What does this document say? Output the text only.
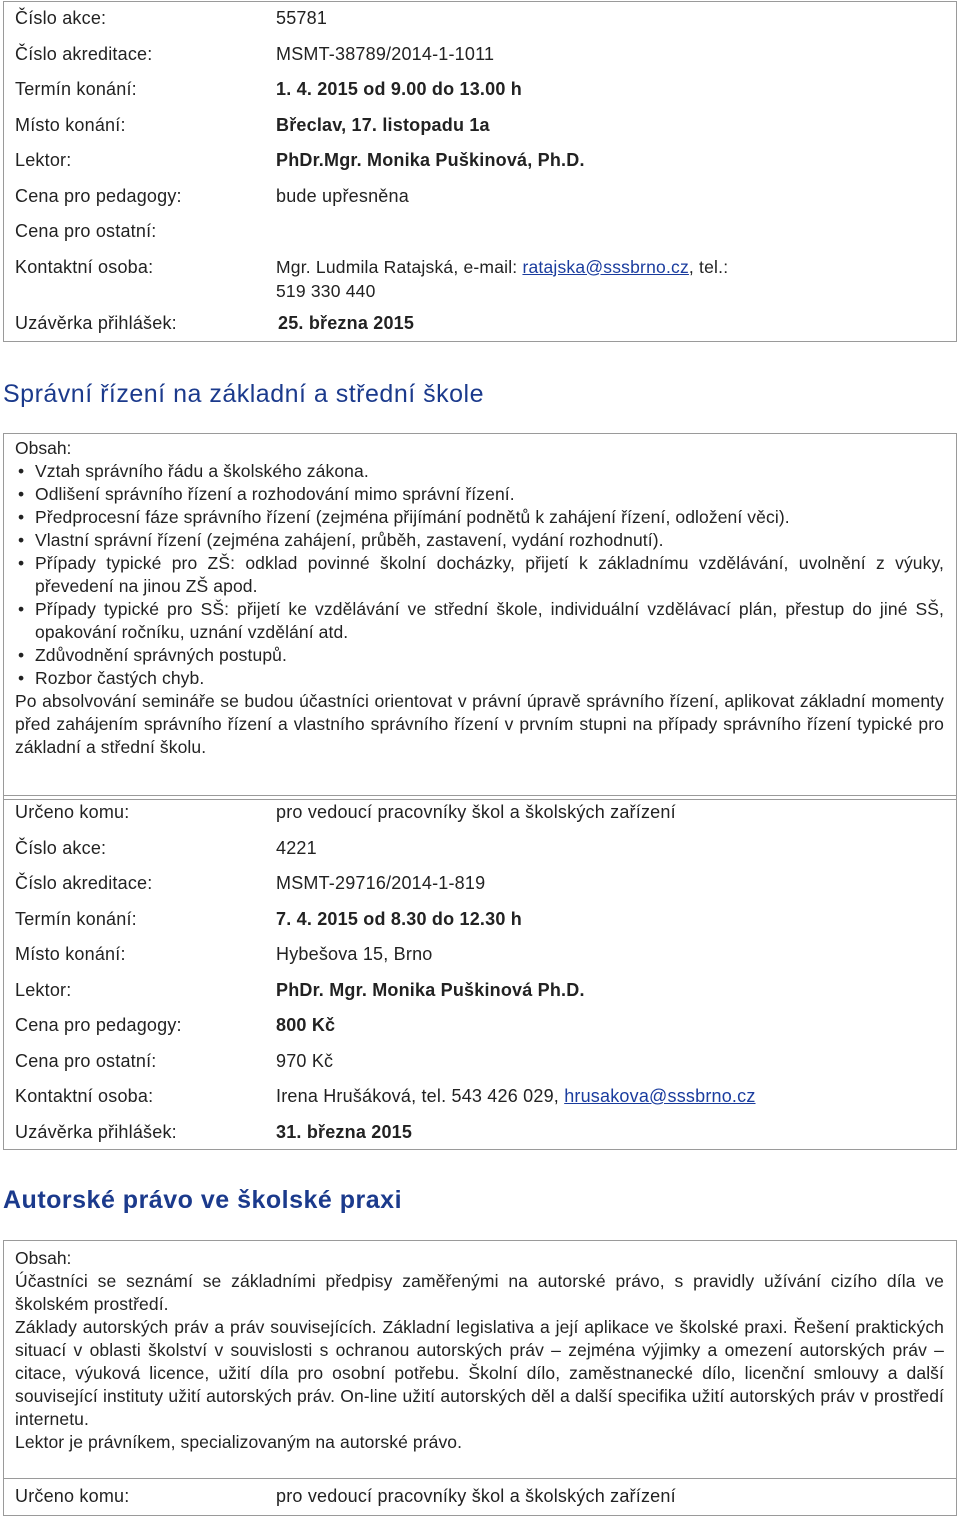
Číslo akce:	55781
Číslo akreditace:	MSMT-38789/2014-1-1011
Termín konání:	1. 4. 2015 od 9.00 do 13.00 h
Místo konání:	Břeclav, 17. listopadu 1a
Lektor:	PhDr.Mgr. Monika Puškinová, Ph.D.
Cena pro pedagogy:	bude upřesněna
Cena pro ostatní:
Kontaktní osoba:	Mgr. Ludmila Ratajská, e-mail: ratajska@sssbrno.cz, tel.:
519 330 440
Uzávěrka přihlášek:	25. března 2015
Správní řízení na základní a střední škole
Obsah:
• Vztah správního řádu a školského zákona.
• Odlišení správního řízení a rozhodování mimo správní řízení.
• Předprocesní fáze správního řízení (zejména přijímání podnětů k zahájení řízení, odložení věci).
• Vlastní správní řízení (zejména zahájení, průběh, zastavení, vydání rozhodnutí).
• Případy typické pro ZŠ: odklad povinné školní docházky, přijetí k základnímu vzdělávání, uvolnění z výuky, převedení na jinou ZŠ apod.
• Případy typické pro SŠ: přijetí ke vzdělávání ve střední škole, individuální vzdělávací plán, přestup do jiné SŠ, opakování ročníku, uznání vzdělání atd.
• Zdůvodnění správných postupů.
• Rozbor častých chyb.

Po absolvování semináře se budou účastníci orientovat v právní úpravě správního řízení, aplikovat základní momenty před zahájením správního řízení a vlastního správního řízení v prvním stupni na případy správního řízení typické pro základní a střední školu.

Určeno komu:	pro vedoucí pracovníky škol a školských zařízení
Číslo akce:	4221
Číslo akreditace:	MSMT-29716/2014-1-819
Termín konání:	7. 4. 2015 od 8.30 do 12.30 h
Místo konání:	Hybešova 15, Brno
Lektor:	PhDr. Mgr. Monika Puškinová Ph.D.
Cena pro pedagogy:	800 Kč
Cena pro ostatní:	970 Kč
Kontaktní osoba:	Irena Hrušáková, tel. 543 426 029, hrusakova@sssbrno.cz
Uzávěrka přihlášek:	31. března 2015
Autorské právo ve školské praxi
Obsah:

Účastníci se seznámí se základními předpisy zaměřenými na autorské právo, s pravidly užívání cizího díla ve školském prostředí.

Základy autorských práv a práv souvisejících. Základní legislativa a její aplikace ve školské praxi. Řešení praktických situací v oblasti školství v souvislosti s ochranou autorských práv – zejména výjimky a omezení autorských práv – citace, výuková licence, užití díla pro osobní potřebu. Školní dílo, zaměstnanecké dílo, licenční smlouvy a další související instituty užití autorských práv. On-line užití autorských děl a další specifika užití autorských práv v prostředí internetu.

Lektor je právníkem, specializovaným na autorské právo.

Určeno komu:	pro vedoucí pracovníky škol a školských zařízení
